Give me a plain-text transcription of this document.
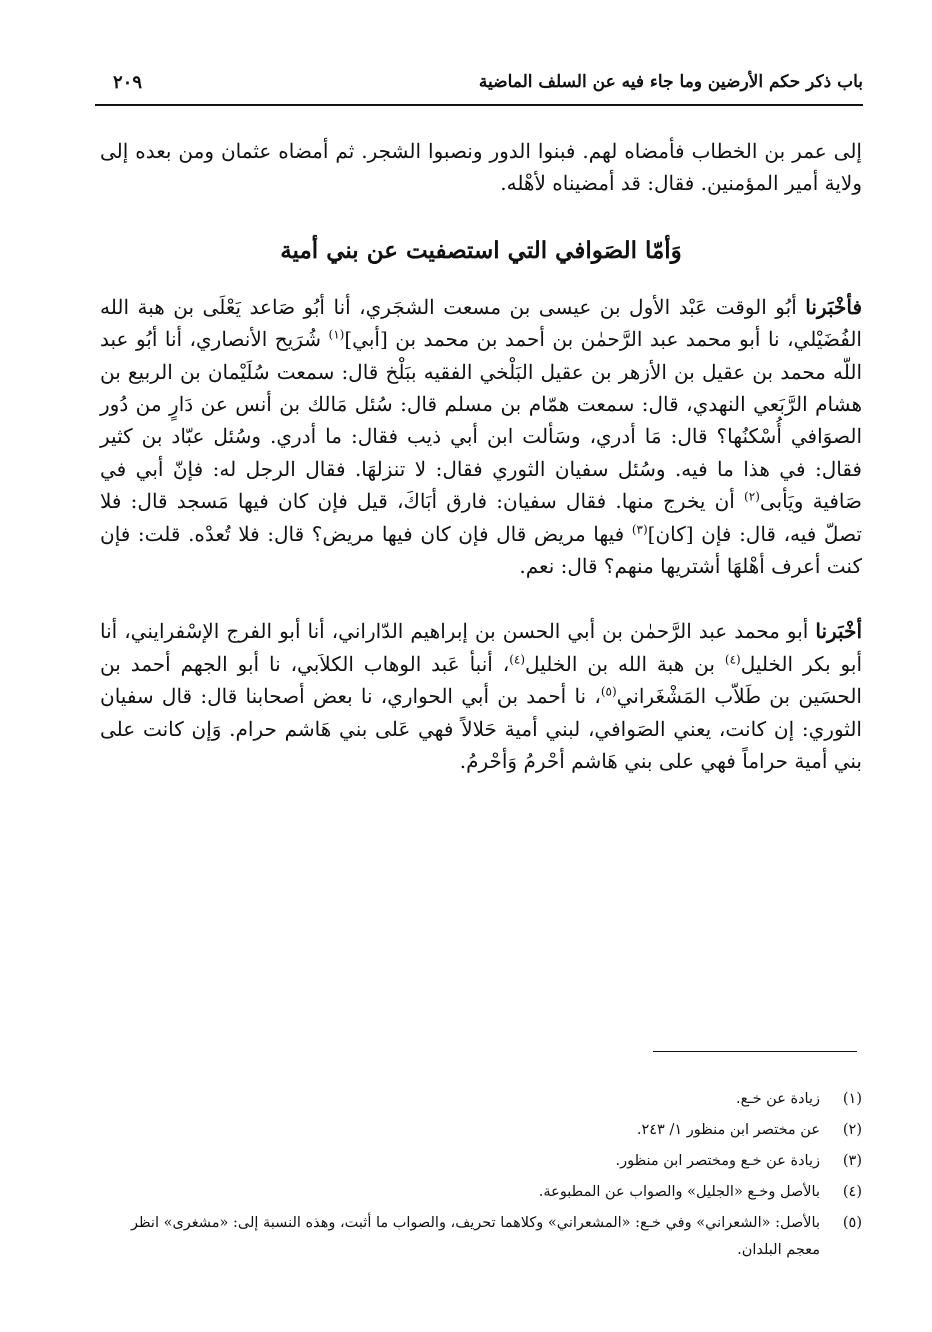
باب ذكر حكم الأرضين وما جاء فيه عن السلف الماضية
٢٠٩

إلى عمر بن الخطاب فأمضاه لهم. فبنوا الدور ونصبوا الشجر. ثم أمضاه عثمان ومن بعده إلى ولاية أمير المؤمنين. فقال: قد أمضيناه لأهْله.

وَأمّا الصَوافي التي استصفيت عن بني أمية

فأخْبَرنا أبُو الوقت عَبْد الأول بن عيسى بن مسعت الشجَري، أنا أبُو صَاعد يَعْلَى بن هبة الله الفُضَيْلي، نا أبو محمد عبد الرَّحمٰن بن أحمد بن محمد بن [أبي]$^{(١)}$ شُرَيح الأنصاري، أنا أبُو عبد اللّه محمد بن عقيل بن الأزهر بن عقيل البَلْخي الفقيه ببَلْخ قال: سمعت سُلَيْمان بن الربيع بن هشام الرَّبَعي النهدي، قال: سمعت همّام بن مسلم قال: سُئل مَالك بن أنس عن دَارٍ من دُور الصوَافي أُسْكنُها؟ قال: مَا أدري، وسَألت ابن أبي ذيب فقال: ما أدري. وسُئل عبّاد بن كثير فقال: في هذا ما فيه. وسُئل سفيان الثوري فقال: لا تنزلهَا. فقال الرجل له: فإنّ أبي في صَافية ويَأبى$^{(٢)}$ أن يخرج منها. فقال سفيان: فارق أبَاكَ، قيل فإن كان فيها مَسجد قال: فلا تصلّ فيه، قال: فإن [كان]$^{(٣)}$ فيها مريض قال فإن كان فيها مريض؟ قال: فلا تُعدْه. قلت: فإن كنت أعرف أهْلهَا أشتريها منهم؟ قال: نعم.

أخْبَرنا أبو محمد عبد الرَّحمٰن بن أبي الحسن بن إبراهيم الدّاراني، أنا أبو الفرج الإسْفرايني، أنا أبو بكر الخليل$^{(٤)}$ بن هبة الله بن الخليل$^{(٤)}$، أنبأ عَبد الوهاب الكلاَبي، نا أبو الجهم أحمد بن الحسَين بن طَلاّب المَشْغَراني$^{(٥)}$، نا أحمد بن أبي الحواري، نا بعض أصحابنا قال: قال سفيان الثوري: إن كانت، يعني الصَوافي، لبني أمية حَلالاً فهي عَلى بني هَاشم حرام. وَإن كانت على بني أمية حراماً فهي على بني هَاشم أحْرمُ وَأحْرمُ.

(١)
زيادة عن خـع.
(٢)
عن مختصر ابن منظور ١/ ٢٤٣.
(٣)
زيادة عن خـع ومختصر ابن منظور.
(٤)
بالأصل وخـع «الجليل» والصواب عن المطبوعة.
(٥)
بالأصل: «الشعراني» وفي خـع: «المشعراني» وكلاهما تحريف، والصواب ما أثبت، وهذه النسبة إلى: «مشغرى» انظر معجم البلدان.
